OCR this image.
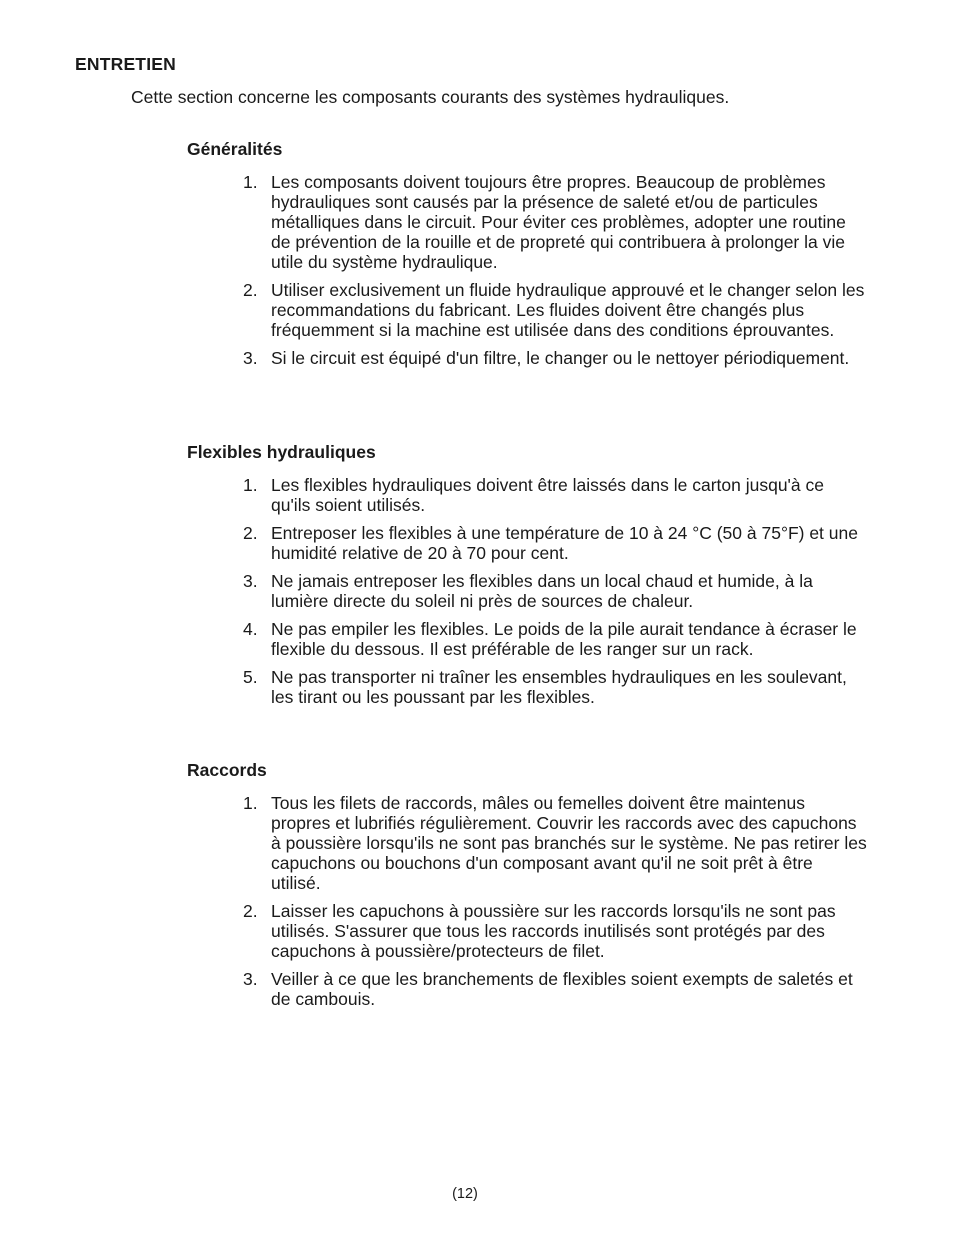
ENTRETIEN
Cette section concerne les composants courants des systèmes hydrauliques.
Généralités
1. Les composants doivent toujours être propres. Beaucoup de problèmes hydrauliques sont causés par la présence de saleté et/ou de particules métalliques dans le circuit. Pour éviter ces problèmes, adopter une routine de prévention de la rouille et de propreté qui contribuera à prolonger la vie utile du système hydraulique.
2. Utiliser exclusivement un fluide hydraulique approuvé et le changer selon les recommandations du fabricant. Les fluides doivent être changés plus fréquemment si la machine est utilisée dans des conditions éprouvantes.
3. Si le circuit est équipé d'un filtre, le changer ou le nettoyer périodiquement.
Flexibles hydrauliques
1. Les flexibles hydrauliques doivent être laissés dans le carton jusqu'à ce qu'ils soient utilisés.
2. Entreposer les flexibles à une température de 10 à 24 °C (50 à 75°F) et une humidité relative de 20 à 70 pour cent.
3. Ne jamais entreposer les flexibles dans un local chaud et humide, à la lumière directe du soleil ni près de sources de chaleur.
4. Ne pas empiler les flexibles. Le poids de la pile aurait tendance à écraser le flexible du dessous. Il est préférable de les ranger sur un rack.
5. Ne pas transporter ni traîner les ensembles hydrauliques en les soulevant, les tirant ou les poussant par les flexibles.
Raccords
1. Tous les filets de raccords, mâles ou femelles doivent être maintenus propres et lubrifiés régulièrement. Couvrir les raccords avec des capuchons à poussière lorsqu'ils ne sont pas branchés sur le système. Ne pas retirer les capuchons ou bouchons d'un composant avant qu'il ne soit prêt à être utilisé.
2. Laisser les capuchons à poussière sur les raccords lorsqu'ils ne sont pas utilisés. S'assurer que tous les raccords inutilisés sont protégés par des capuchons à poussière/protecteurs de filet.
3. Veiller à ce que les branchements de flexibles soient exempts de saletés et de cambouis.
(12)
